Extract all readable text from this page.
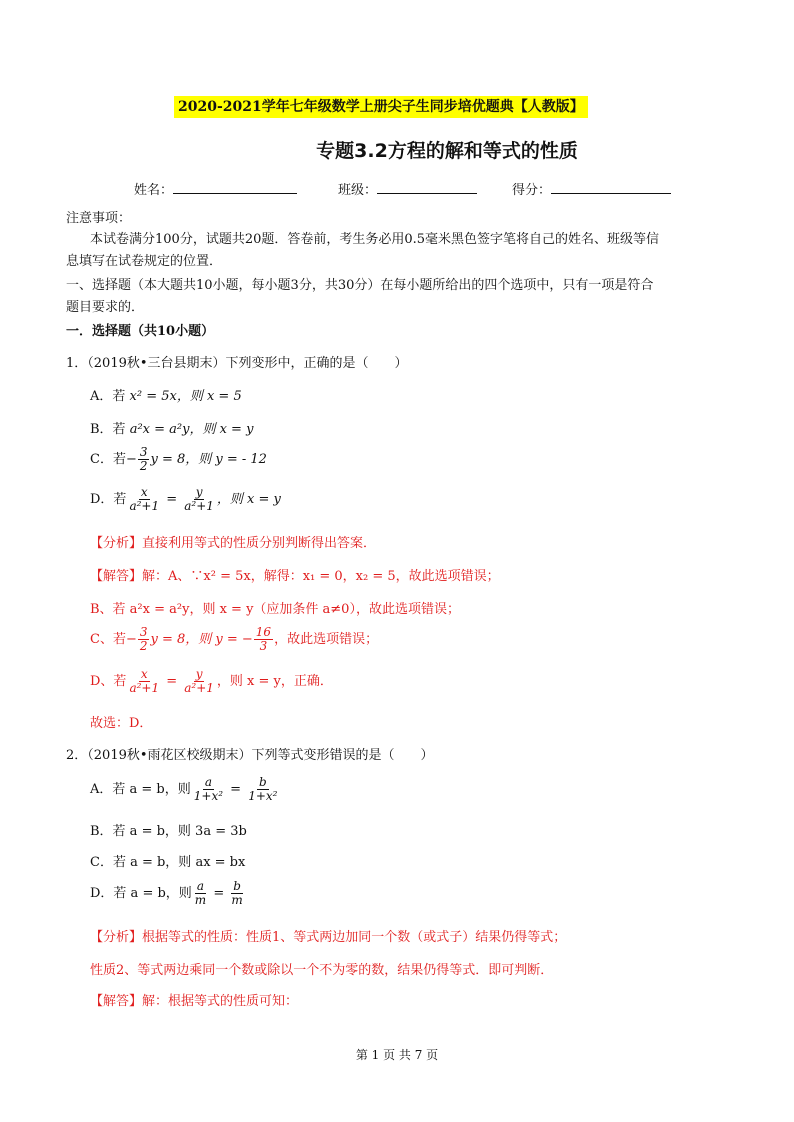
2020-2021学年七年级数学上册尖子生同步培优题典【人教版】
专题3.2方程的解和等式的性质
姓名：	班级：	得分：
注意事项：
本试卷满分100分，试题共20题．答卷前，考生务必用0.5毫米黑色签字笔将自己的姓名、班级等信
息填写在试卷规定的位置．
一、选择题（本大题共10小题，每小题3分，共30分）在每小题所给出的四个选项中，只有一项是符合
题目要求的．
一．选择题（共10小题）
1．（2019秋•三台县期末）下列变形中，正确的是（　　）
A．若 x² = 5x，则 x = 5
B．若 a²x = a²y，则 x = y
C．若− $\frac{3}{2}$ y = 8，则 y = ‐ 12
D．若 $\frac{x}{\text{a²+1}} = \frac{y}{\text{a²+1}}$ ，则 x = y
【分析】直接利用等式的性质分别判断得出答案．
【解答】解：A、∵x² = 5x，解得：x₁ = 0，x₂ = 5，故此选项错误；
B、若 a²x = a²y，则 x = y（应加条件 a≠0），故此选项错误；
C、若− $\frac{3}{2}$ y = 8，则 y = − $\frac{16}{3}$ ，故此选项错误；
D、若 $\frac{x}{\text{a²+1}} = \frac{y}{\text{a²+1}}$ ，则 x = y，正确．
故选：D．
2．（2019秋•雨花区校级期末）下列等式变形错误的是（　　）
A．若 a = b，则 $\frac{a}{\text{1+x²}} = \frac{b}{\text{1+x²}}$
B．若 a = b，则 3a = 3b
C．若 a = b，则 ax = bx
D．若 a = b，则 $\frac{a}{m} = \frac{b}{m}$
【分析】根据等式的性质：性质1、等式两边加同一个数（或式子）结果仍得等式；
性质2、等式两边乘同一个数或除以一个不为零的数，结果仍得等式．即可判断．
【解答】解：根据等式的性质可知：
第 1 页 共 7 页
